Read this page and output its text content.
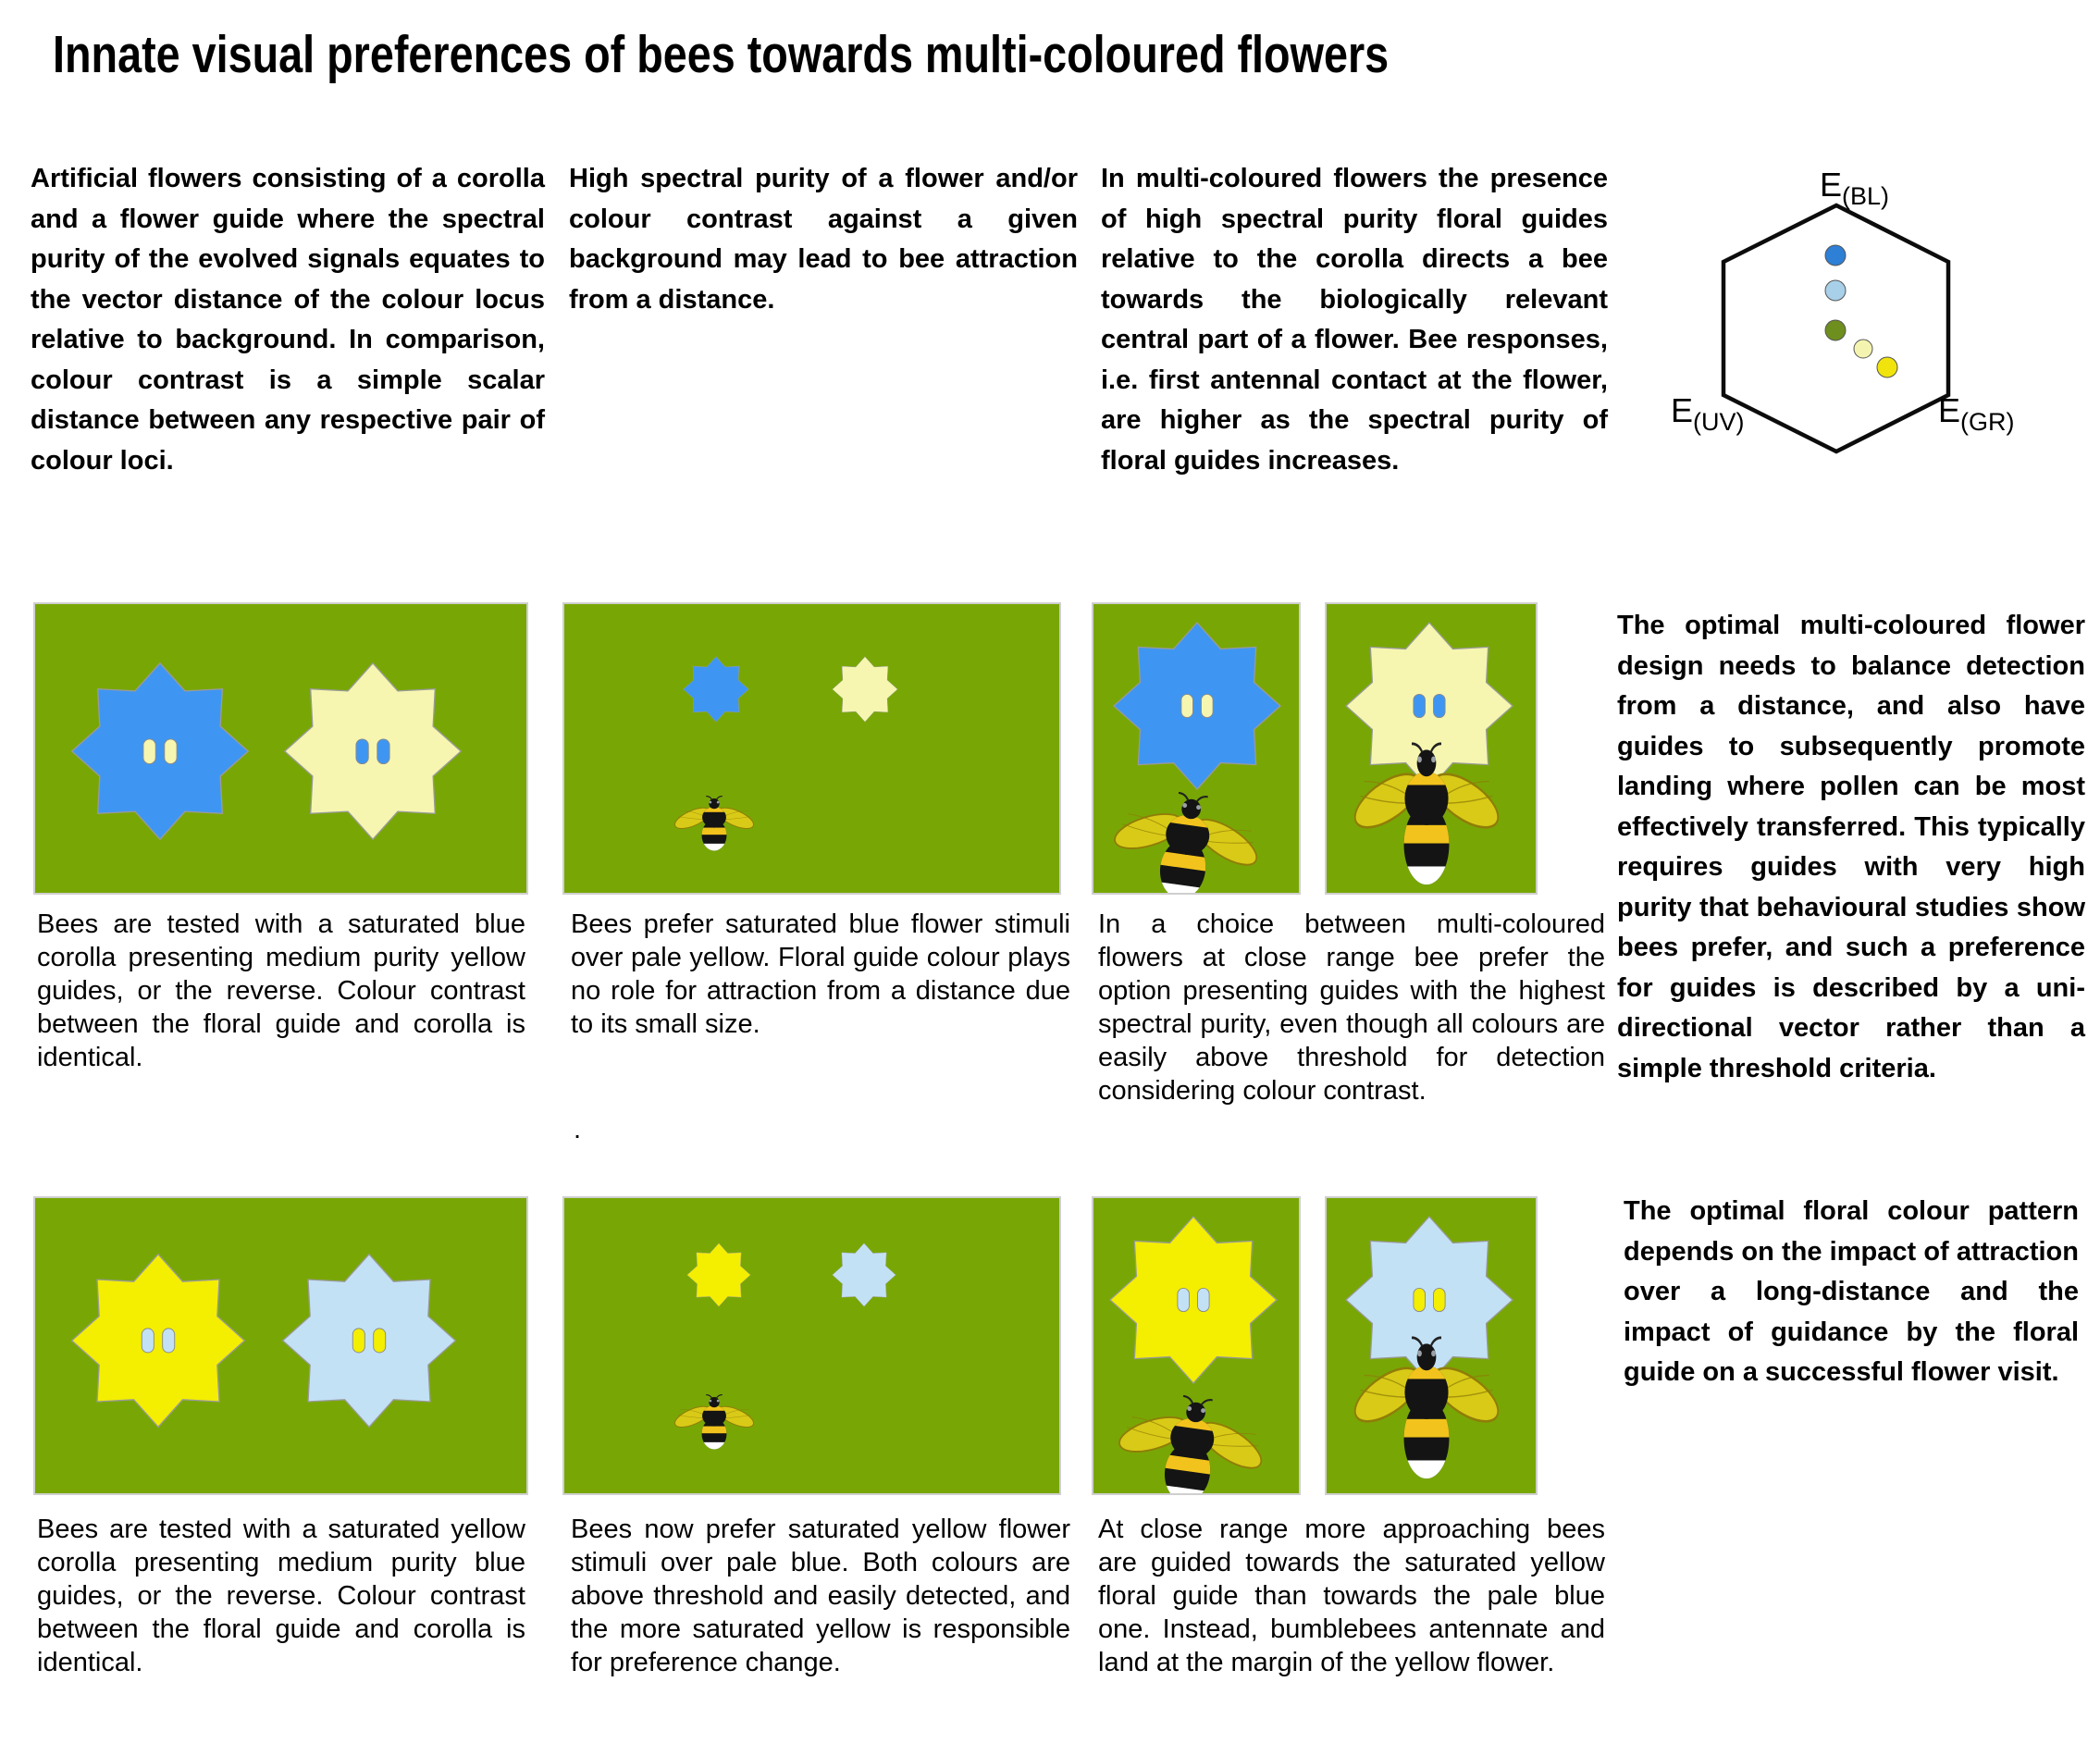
Innate visual preferences of bees towards multi-coloured flowers
Artificial flowers consisting of a corolla and a flower guide where the spectral purity of the evolved signals equates to the vector distance of the colour locus relative to background. In comparison, colour contrast is a simple scalar distance between any respective pair of colour loci.
High spectral purity of a flower and/or colour contrast against a given background may lead to bee attraction from a distance.
In multi-coloured flowers the presence of high spectral purity floral guides relative to the corolla directs a bee towards the biologically relevant central part of a flower. Bee responses, i.e. first antennal contact at the flower, are higher as the spectral purity of floral guides increases.
$E_{(BL)}$
$E_{(UV)}$	$E_{(GR)}$
The optimal multi-coloured flower design needs to balance detection from a distance, and also have guides to subsequently promote landing where pollen can be most effectively transferred. This typically requires guides with very high purity that behavioural studies show bees prefer, and such a preference for guides is described by a uni-directional vector rather than a simple threshold criteria.
Bees are tested with a saturated blue corolla presenting medium purity yellow guides, or the reverse. Colour contrast between the floral guide and corolla is identical.
Bees prefer saturated blue flower stimuli over pale yellow. Floral guide colour plays no role for attraction from a distance due to its small size.
.
In a choice between multi-coloured flowers at close range bee prefer the option presenting guides with the highest spectral purity, even though all colours are easily above threshold for detection considering colour contrast.
The optimal floral colour pattern depends on the impact of attraction over a long-distance and the impact of guidance by the floral guide on a successful flower visit.
Bees are tested with a saturated yellow corolla presenting medium purity blue guides, or the reverse. Colour contrast between the floral guide and corolla is identical.
Bees now prefer saturated yellow flower stimuli over pale blue. Both colours are above threshold and easily detected, and the more saturated yellow is responsible for preference change.
At close range more approaching bees are guided towards the saturated yellow floral guide than towards the pale blue one. Instead, bumblebees antennate and land at the margin of the yellow flower.
